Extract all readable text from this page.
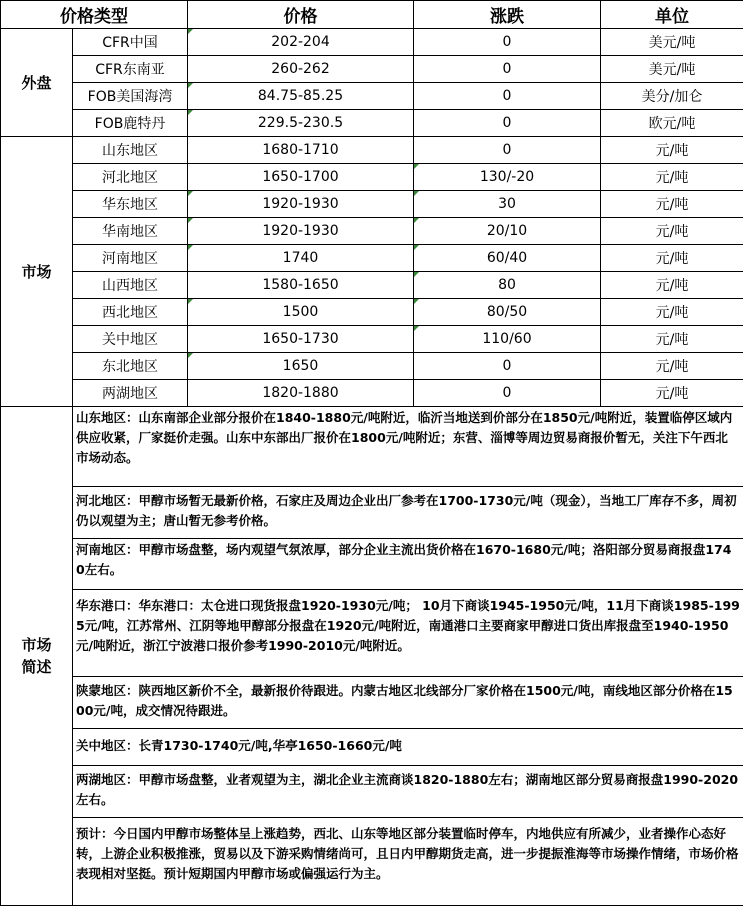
价格类型		价格	涨跌	单位
外盘	CFR中国	202-204	0	美元/吨
	CFR东南亚	260-262	0	美元/吨
	FOB美国海湾	84.75-85.25	0	美分/加仑
	FOB鹿特丹	229.5-230.5	0	欧元/吨
市场	山东地区	1680-1710	0	元/吨
	河北地区	1650-1700	130/-20	元/吨
	华东地区	1920-1930	30	元/吨
	华南地区	1920-1930	20/10	元/吨
	河南地区	1740	60/40	元/吨
	山西地区	1580-1650	80	元/吨
	西北地区	1500	80/50	元/吨
	关中地区	1650-1730	110/60	元/吨
	东北地区	1650	0	元/吨
	两湖地区	1820-1880	0	元/吨
市场简述	山东地区：山东南部企业部分报价在1840-1880元/吨附近，临沂当地送到价部分在1850元/吨附近，装置临停区域内供应收紧，厂家挺价走强。山东中东部出厂报价在1800元/吨附近；东营、淄博等周边贸易商报价暂无，关注下午西北市场动态。			
	河北地区：甲醇市场暂无最新价格，石家庄及周边企业出厂参考在1700-1730元/吨（现金），当地工厂库存不多，周初仍以观望为主；唐山暂无参考价格。			
	河南地区：甲醇市场盘整，场内观望气氛浓厚，部分企业主流出货价格在1670-1680元/吨；洛阳部分贸易商报盘1740左右。			
	华东港口：华东港口：太仓进口现货报盘1920-1930元/吨； 10月下商谈1945-1950元/吨，11月下商谈1985-1995元/吨，江苏常州、江阴等地甲醇部分报盘在1920元/吨附近，南通港口主要商家甲醇进口货出库报盘至1940-1950元/吨附近，浙江宁波港口报价参考1990-2010元/吨附近。			
	陕蒙地区：陕西地区新价不全，最新报价待跟进。内蒙古地区北线部分厂家价格在1500元/吨，南线地区部分价格在1500元/吨，成交情况待跟进。			
	关中地区：长青1730-1740元/吨,华亭1650-1660元/吨			
	两湖地区：甲醇市场盘整，业者观望为主，湖北企业主流商谈1820-1880左右；湖南地区部分贸易商报盘1990-2020左右。			
	预计：今日国内甲醇市场整体呈上涨趋势，西北、山东等地区部分装置临时停车，内地供应有所减少，业者操作心态好转，上游企业积极推涨，贸易以及下游采购情绪尚可，且日内甲醇期货走高，进一步提振淮海等市场操作情绪，市场价格表现相对坚挺。预计短期国内甲醇市场或偏强运行为主。			
